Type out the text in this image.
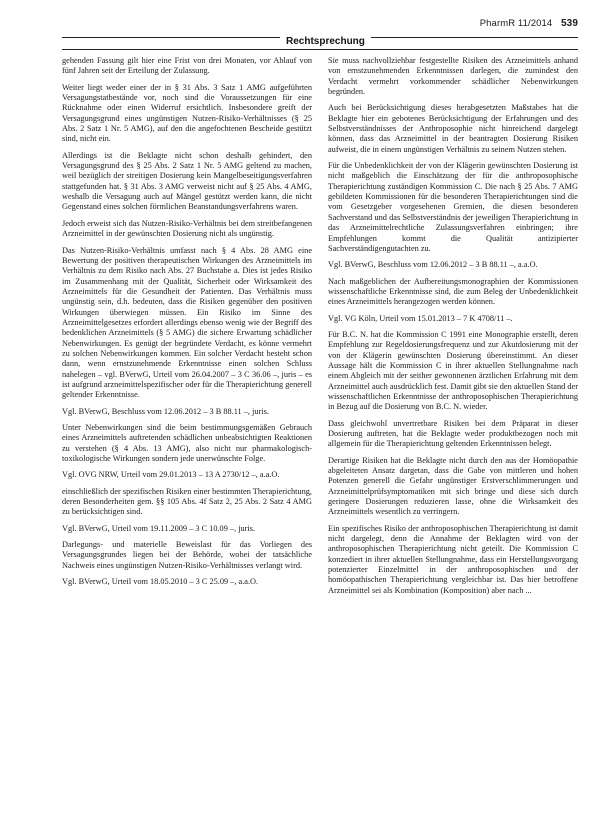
PharmR 11/2014 539
Rechtsprechung

gehenden Fassung gilt hier eine Frist von drei Monaten, vor Ablauf von fünf Jahren seit der Erteilung der Zulassung.

Weiter liegt weder einer der in § 31 Abs. 3 Satz 1 AMG aufgeführten Versagungstatbestände vor, noch sind die Voraussetzungen für eine Rücknahme oder einen Widerruf ersichtlich. Insbesondere greift der Versagungsgrund eines ungünstigen Nutzen-Risiko-Verhältnisses (§ 25 Abs. 2 Satz 1 Nr. 5 AMG), auf den die angefochtenen Bescheide gestützt sind, nicht ein.

Allerdings ist die Beklagte nicht schon deshalb gehindert, den Versagungsgrund des § 25 Abs. 2 Satz 1 Nr. 5 AMG geltend zu machen, weil bezüglich der streitigen Dosierung kein Mangelbeseitigungsverfahren stattgefunden hat. § 31 Abs. 3 AMG verweist nicht auf § 25 Abs. 4 AMG, weshalb die Versagung auch auf Mängel gestützt werden kann, die nicht Gegenstand eines solchen förmlichen Beanstandungsverfahrens waren.

Jedoch erweist sich das Nutzen-Risiko-Verhältnis bei dem streitbefangenen Arzneimittel in der gewünschten Dosierung nicht als ungünstig.

Das Nutzen-Risiko-Verhältnis umfasst nach § 4 Abs. 28 AMG eine Bewertung der positiven therapeutischen Wirkungen des Arzneimittels im Verhältnis zu dem Risiko nach Abs. 27 Buchstabe a. Dies ist jedes Risiko im Zusammenhang mit der Qualität, Sicherheit oder Wirksamkeit des Arzneimittels für die Gesundheit der Patienten. Das Verhältnis muss ungünstig sein, d.h. bedeuten, dass die Risiken gegenüber den positiven Wirkungen überwiegen müssen. Ein Risiko im Sinne des Arzneimittelgesetzes erfordert allerdings ebenso wenig wie der Begriff des bedenklichen Arzneimittels (§ 5 AMG) die sichere Erwartung schädlicher Nebenwirkungen. Es genügt der begründete Verdacht, es könne vermehrt zu solchen Nebenwirkungen kommen. Ein solcher Verdacht besteht schon dann, wenn ernstzunehmende Erkenntnisse einen solchen Schluss nahelegen – vgl. BVerwG, Urteil vom 26.04.2007 – 3 C 36.06 –, juris – es ist aufgrund arzneimittelspezifischer oder für die Therapierichtung generell geltender Erkenntnisse.

Vgl. BVerwG, Beschluss vom 12.06.2012 – 3 B 88.11 –, juris.

Unter Nebenwirkungen sind die beim bestimmungsgemäßen Gebrauch eines Arzneimittels auftretenden schädlichen unbeabsichtigten Reaktionen zu verstehen (§ 4 Abs. 13 AMG), also nicht nur pharmakologisch-toxikologische Wirkungen sondern jede unerwünschte Folge.

Vgl. OVG NRW, Urteil vom 29.01.2013 – 13 A 2730/12 –, a.a.O.

einschließlich der spezifischen Risiken einer bestimmten Therapierichtung, deren Besonderheiten gem. §§ 105 Abs. 4f Satz 2, 25 Abs. 2 Satz 4 AMG zu berücksichtigen sind.

Vgl. BVerwG, Urteil vom 19.11.2009 – 3 C 10.09 –, juris.

Darlegungs- und materielle Beweislast für das Vorliegen des Versagungsgrundes liegen bei der Behörde, wobei der tatsächliche Nachweis eines ungünstigen Nutzen-Risiko-Verhältnisses verlangt wird.

Vgl. BVerwG, Urteil vom 18.05.2010 – 3 C 25.09 –, a.a.O.

Sie muss nachvollziehbar festgestellte Risiken des Arzneimittels anhand von ernstzunehmenden Erkenntnissen darlegen, die zumindest den Verdacht vermehrt vorkommender schädlicher Nebenwirkungen begründen.

Auch bei Berücksichtigung dieses herabgesetzten Maßstabes hat die Beklagte hier ein gebotenes Berücksichtigung der Erfahrungen und des Selbstverständnisses der Anthroposophie nicht hinreichend dargelegt können, dass das Arzneimittel in der beantragten Dosierung Risiken aufweist, die in einem ungünstigen Verhältnis zu seinem Nutzen stehen.

Für die Unbedenklichkeit der von der Klägerin gewünschten Dosierung ist nicht maßgeblich die Einschätzung der für die anthroposophische Therapierichtung zuständigen Kommission C. Die nach § 25 Abs. 7 AMG gebildeten Kommissionen für die besonderen Therapierichtungen sind die vom Gesetzgeber vorgesehenen Gremien, die diesen besonderen Sachverstand und das Selbstverständnis der jeweiligen Therapierichtung in das Arzneimittelrechtliche Zulassungsverfahren einbringen; ihre Empfehlungen kommt die Qualität antizipierter Sachverständigengutachten zu.

Vgl. BVerwG, Beschluss vom 12.06.2012 – 3 B 88.11 –, a.a.O.

Nach maßgeblichen der Aufbereitungsmonographien der Kommissionen wissenschaftliche Erkenntnisse sind, die zum Beleg der Unbedenklichkeit eines Arzneimittels herangezogen werden können.

Vgl. VG Köln, Urteil vom 15.01.2013 – 7 K 4708/11 –.

Für B.C. N. hat die Kommission C 1991 eine Monographie erstellt, deren Empfehlung zur Regeldosierungsfrequenz und zur Akutdosierung mit der von der Klägerin gewünschten Dosierung übereinstimmt. An dieser Aussage hält die Kommission C in ihrer aktuellen Stellungnahme nach einem Abgleich mit der seither gewonnenen ärztlichen Erfahrung mit dem Arzneimittel auch ausdrücklich fest. Damit gibt sie den aktuellen Stand der wissenschaftlichen Erkenntnisse der anthroposophischen Therapierichtung in Bezug auf die Dosierung von B.C. N. wieder.

Dass gleichwohl unvertretbare Risiken bei dem Präparat in dieser Dosierung auftreten, hat die Beklagte weder produktbezogen noch mit allgemein für die Therapierichtung geltenden Erkenntnissen belegt.

Derartige Risiken hat die Beklagte nicht durch den aus der Homöopathie abgeleiteten Ansatz dargetan, dass die Gabe von mittleren und hohen Potenzen generell die Gefahr ungünstiger Erstverschlimmerungen und Arzneimittelprüfsymptomatiken mit sich bringe und diese sich durch geringere Dosierungen reduzieren lasse, ohne die Wirksamkeit des Arzneimittels wesentlich zu verringern.

Ein spezifisches Risiko der anthroposophischen Therapierichtung ist damit nicht dargelegt, denn die Annahme der Beklagten wird von der anthroposophischen Therapierichtung nicht geteilt. Die Kommission C konzediert in ihrer aktuellen Stellungnahme, dass ein Herstellungsvorgang potenzierter Einzelmittel in der anthroposophischen und der homöopathischen Therapierichtung vergleichbar ist. Das hier betroffene Arzneimittel sei als Kombination (Komposition) aber nach ...
